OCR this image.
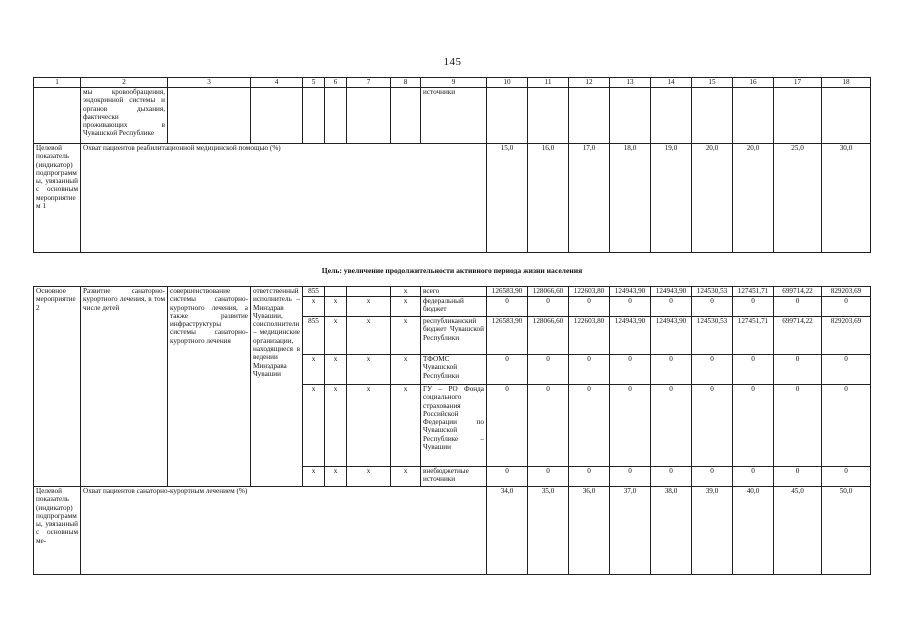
145
1	2	3	4	5	6	7	8	9	10	11	12	13	14	15	16	17	18
	мы кровообращения, эндокринной системы и органов дыхания, фактически проживающих в Чувашской Республике							источники									
Целевой показатель (индикатор) подпрограммы, увязанный с основным мероприятием 1	Охват пациентов реабилитационной медицинской помощью (%)								15,0	16,0	17,0	18,0	19,0	20,0	20,0	25,0	30,0
Цель: увеличение продолжительности активного периода жизни населения
Основное мероприятие 2	Развитие санаторно-курортного лечения, в том числе детей	совершенствование системы санаторно-курортного лечения, а также развитие инфраструктуры системы санаторно-курортного лечения	ответственный исполнитель – Минздрав Чувашии, соисполнители – медицинские организации, находящиеся в ведении Минздрава Чувашии	855			x	всего	126583,90	128066,60	122603,80	124943,90	124943,90	124530,53	127451,71	699714,22	829203,69
				x	x	x	x	федеральный бюджет	0	0	0	0	0	0	0	0	0
				855	x	x	x	республиканский бюджет Чувашской Республики	126583,90	128066,60	122603,80	124943,90	124943,90	124530,53	127451,71	699714,22	829203,69
				x	x	x	x	ТФОМС Чувашской Республики	0	0	0	0	0	0	0	0	0
				x	x	x	x	ГУ – РО Фонда социального страхования Российской Федерации по Чувашской Республике – Чувашии	0	0	0	0	0	0	0	0	0
				x	x	x	x	внебюджетные источники	0	0	0	0	0	0	0	0	0
Целевой показатель (индикатор) подпрограммы, увязанный с основным ме-	Охват пациентов санаторно-курортным лечением (%)								34,0	35,0	36,0	37,0	38,0	39,0	40,0	45,0	50,0
